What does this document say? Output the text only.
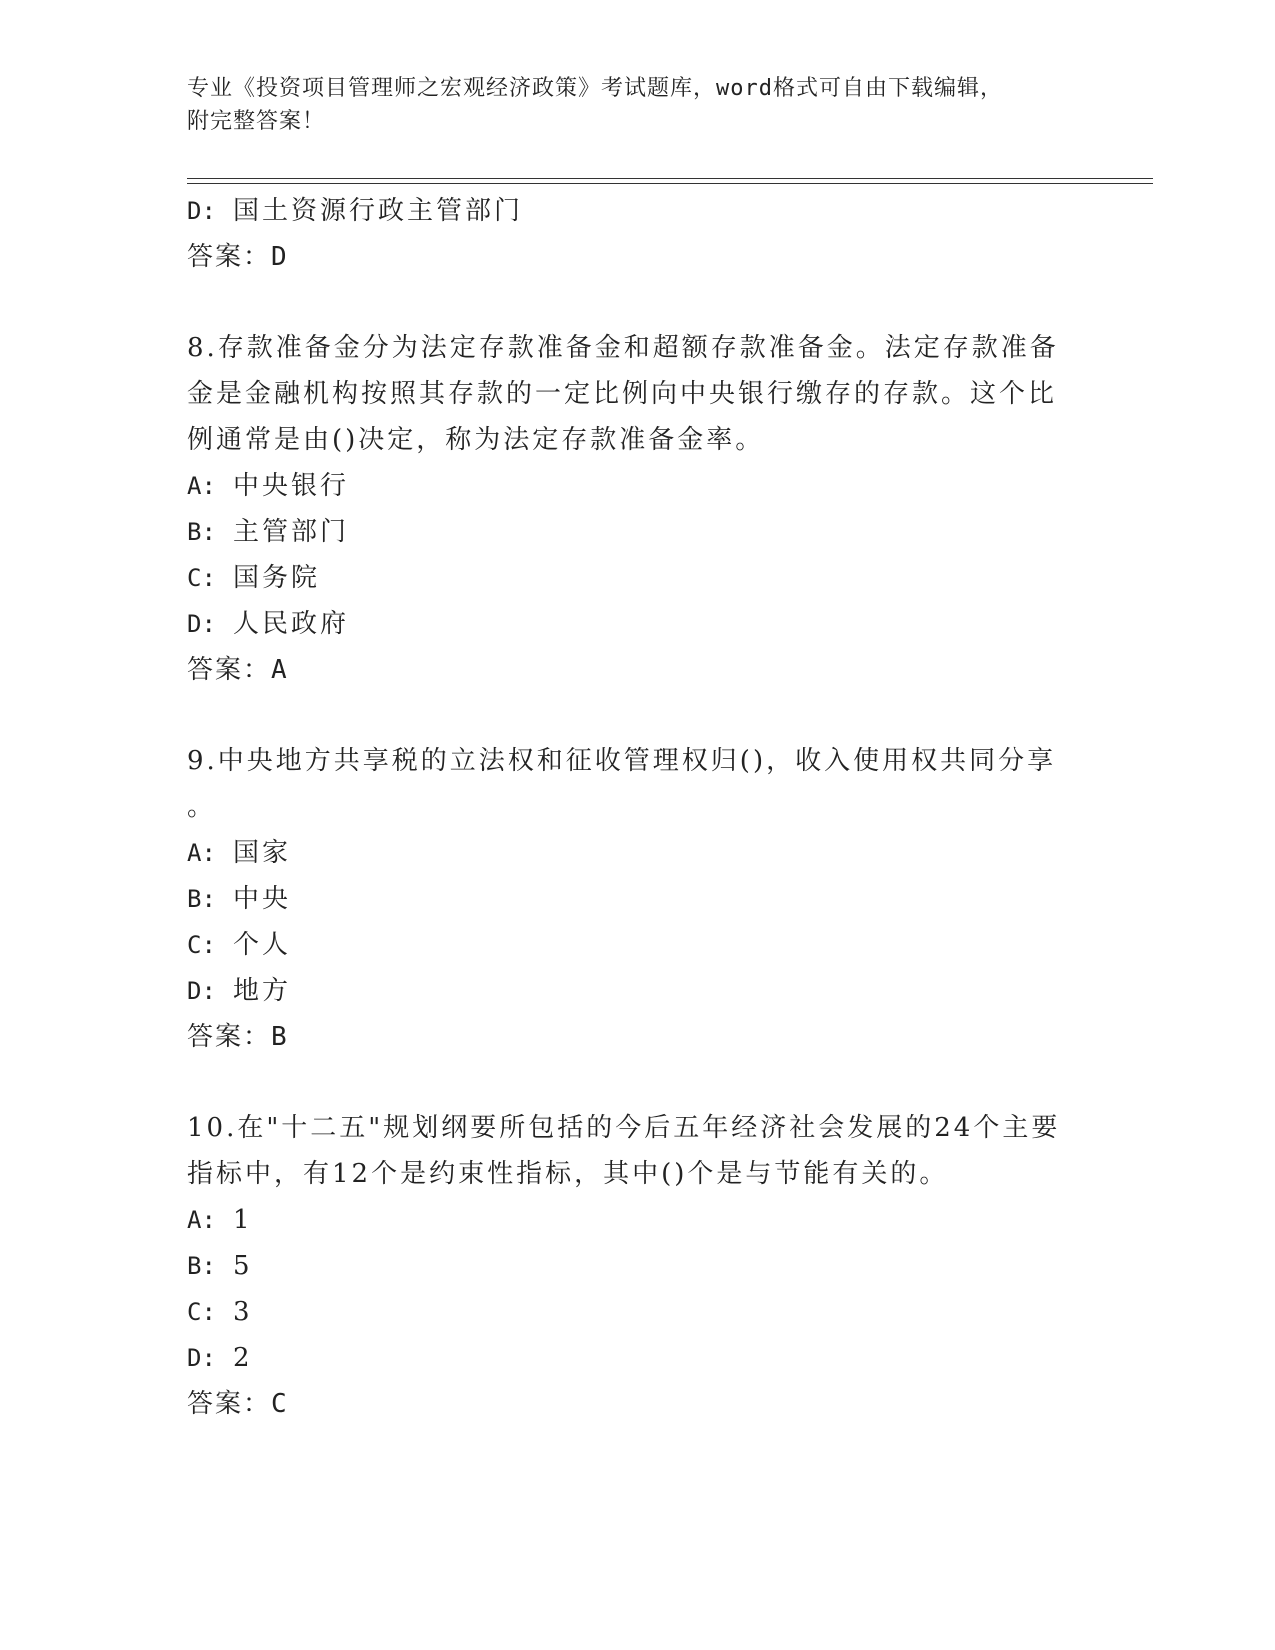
专业《投资项目管理师之宏观经济政策》考试题库，word格式可自由下载编辑，
附完整答案！
D: 国土资源行政主管部门
答案：D
8.存款准备金分为法定存款准备金和超额存款准备金。法定存款准备
金是金融机构按照其存款的一定比例向中央银行缴存的存款。这个比
例通常是由()决定，称为法定存款准备金率。
A: 中央银行
B: 主管部门
C: 国务院
D: 人民政府
答案：A
9.中央地方共享税的立法权和征收管理权归()，收入使用权共同分享
。
A: 国家
B: 中央
C: 个人
D: 地方
答案：B
10.在"十二五"规划纲要所包括的今后五年经济社会发展的24个主要
指标中，有12个是约束性指标，其中()个是与节能有关的。
A: 1
B: 5
C: 3
D: 2
答案：C
